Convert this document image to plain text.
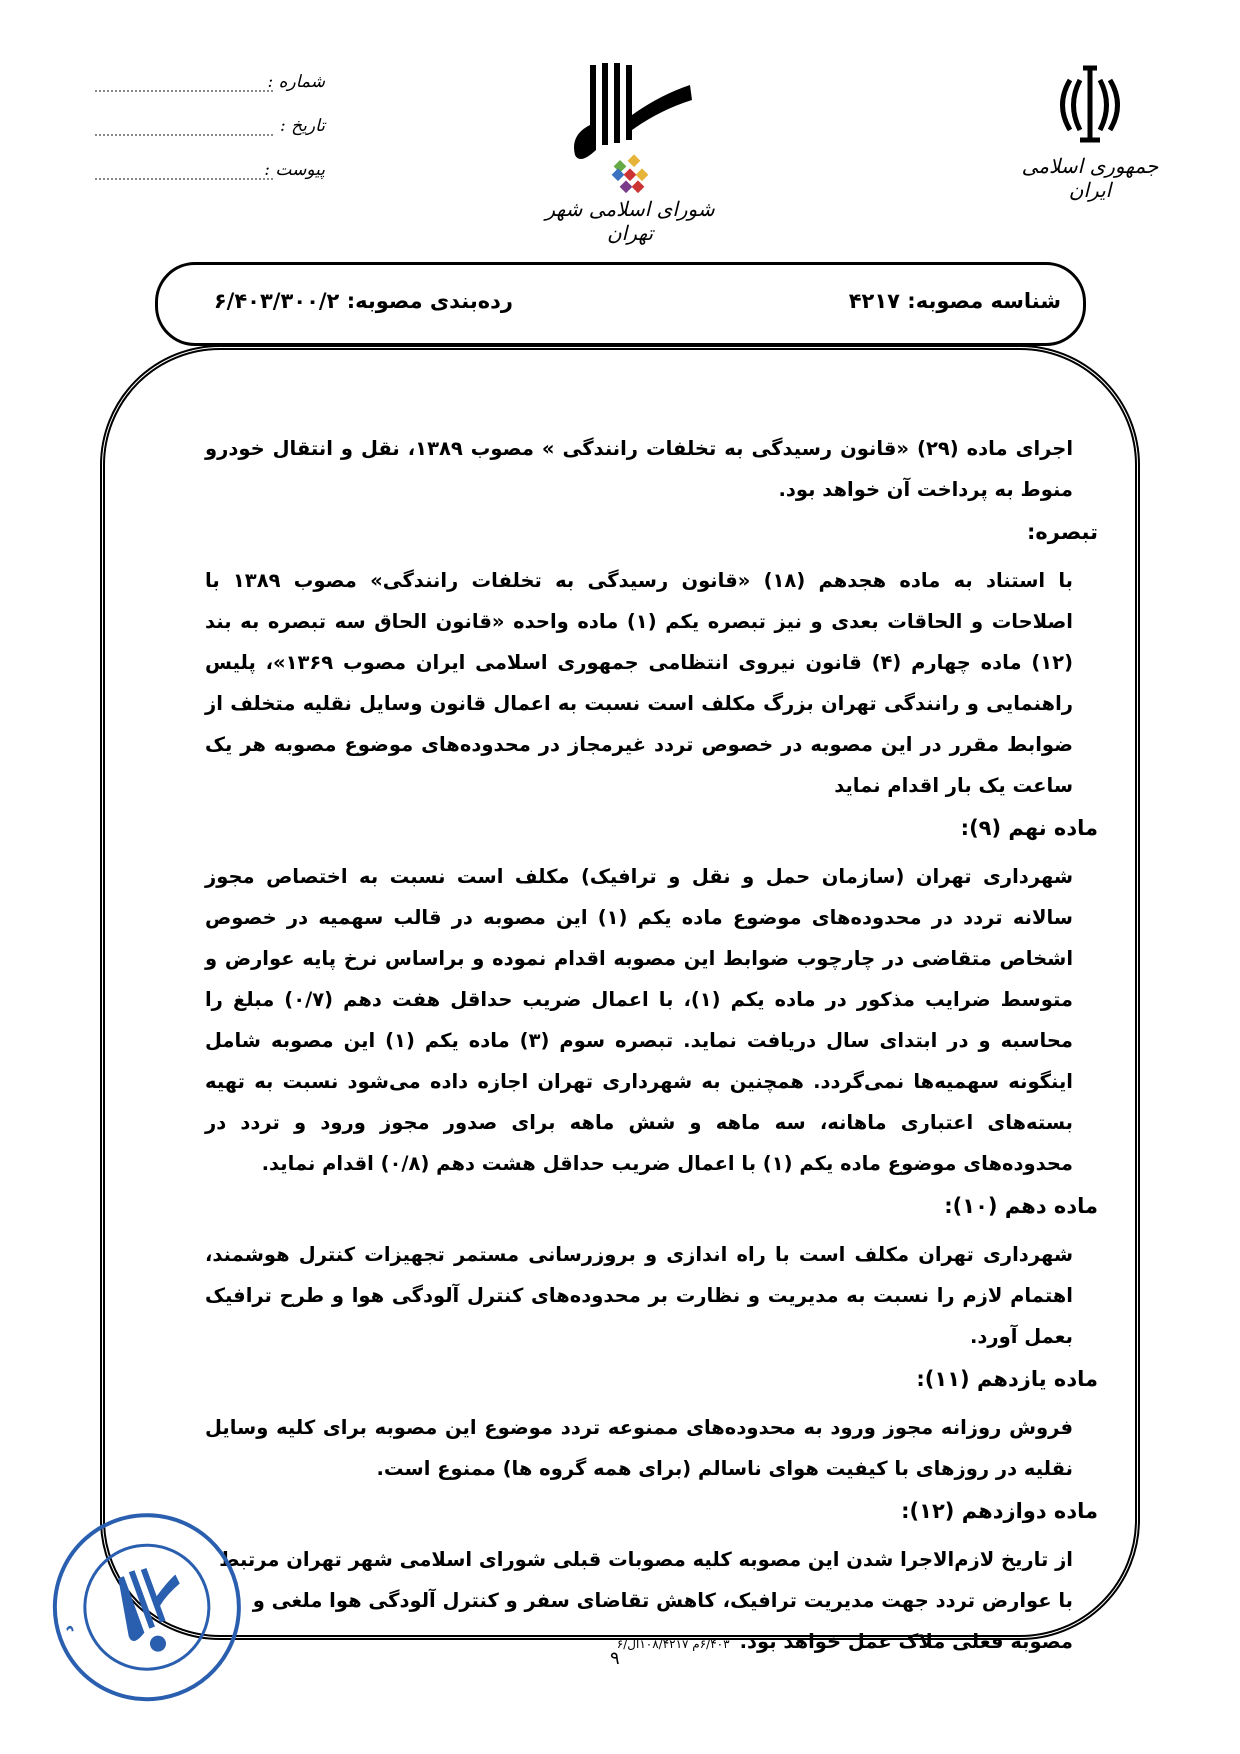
شماره :
تاریخ :
پیوست :
شورای اسلامی شهر تهران
جمهوری اسلامی ایران
شناسه مصوبه: ۴۲۱۷
رده‌بندی مصوبه: ۶/۴۰۳/۳۰۰/۲

اجرای ماده (۲۹) «قانون رسیدگی به تخلفات رانندگی » مصوب ۱۳۸۹، نقل و انتقال خودرو منوط به پرداخت آن خواهد بود.

تبصره:

با استناد به ماده هجدهم (۱۸) «قانون رسیدگی به تخلفات رانندگی» مصوب ۱۳۸۹ با اصلاحات و الحاقات بعدی و نیز تبصره یکم (۱) ماده واحده «قانون الحاق سه تبصره به بند (۱۲) ماده چهارم (۴) قانون نیروی انتظامی جمهوری اسلامی ایران مصوب ۱۳۶۹»، پلیس راهنمایی و رانندگی تهران بزرگ مکلف است نسبت به اعمال قانون وسایل نقلیه متخلف از ضوابط مقرر در این مصوبه در خصوص تردد غیرمجاز در محدوده‌های موضوع مصوبه هر یک ساعت یک بار اقدام نماید

ماده نهم (۹):

شهرداری تهران (سازمان حمل و نقل و ترافیک) مکلف است نسبت به اختصاص مجوز سالانه تردد در محدوده‌های موضوع ماده یکم (۱) این مصوبه در قالب سهمیه در خصوص اشخاص متقاضی در چارچوب ضوابط این مصوبه اقدام نموده و براساس نرخ پایه عوارض و متوسط ضرایب مذکور در ماده یکم (۱)، با اعمال ضریب حداقل هفت دهم (۰/۷) مبلغ را محاسبه و در ابتدای سال دریافت نماید. تبصره سوم (۳) ماده یکم (۱) این مصوبه شامل اینگونه سهمیه‌ها نمی‌گردد. همچنین به شهرداری تهران اجازه داده می‌شود نسبت به تهیه بسته‌های اعتباری ماهانه، سه ماهه و شش ماهه برای صدور مجوز ورود و تردد در محدوده‌های موضوع ماده یکم (۱) با اعمال ضریب حداقل هشت دهم (۰/۸) اقدام نماید.

ماده دهم (۱۰):

شهرداری تهران مکلف است با راه اندازی و بروزرسانی مستمر تجهیزات کنترل هوشمند، اهتمام لازم را نسبت به مدیریت و نظارت بر محدوده‌های کنترل آلودگی هوا و طرح ترافیک بعمل آورد.

ماده یازدهم (۱۱):

فروش روزانه مجوز ورود به محدوده‌های ممنوعه تردد موضوع این مصوبه برای کلیه وسایل نقلیه در روزهای با کیفیت هوای ناسالم (برای همه گروه ها) ممنوع است.

ماده دوازدهم (۱۲):

از تاریخ لازم‌الاجرا شدن این مصوبه کلیه مصوبات قبلی شورای اسلامی شهر تهران مرتبط با عوارض تردد جهت مدیریت ترافیک، کاهش تقاضای سفر و کنترل آلودگی هوا ملغی و مصوبه فعلی ملاک عمل خواهد بود.۶/۴۰۳م ۱۰۸/۴۲۱۷ال/۶

دبیرخانه شورای اسلامی شهر تهران
۹
